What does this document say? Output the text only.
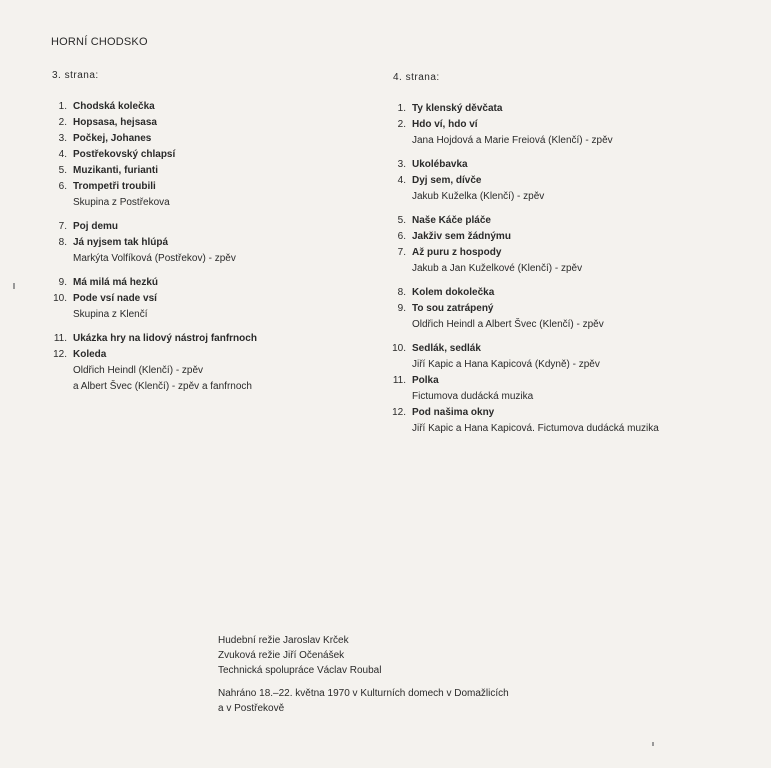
HORNÍ CHODSKO
3. strana:	4. strana:
1. Chodská kolečka
2. Hopsasa, hejsasa
3. Počkej, Johanes
4. Postřekovský chlapsí
5. Muzikanti, furianti
6. Trompetři troubili
Skupina z Postřekova
7. Poj demu
8. Já nyjsem tak hlúpá
Markýta Volfíková (Postřekov) - zpěv
9. Má milá má hezkú
10. Pode vsí nade vsí
Skupina z Klenčí
11. Ukázka hry na lidový nástroj fanfrnoch
12. Koleda
Oldřich Heindl (Klenčí) - zpěv
a Albert Švec (Klenčí) - zpěv a fanfrnoch
1. Ty klenský děvčata
2. Hdo ví, hdo ví
Jana Hojdová a Marie Freiová (Klenčí) - zpěv
3. Ukolébavka
4. Dyj sem, dívče
Jakub Kuželka (Klenčí) - zpěv
5. Naše Káče pláče
6. Jakživ sem žádnýmu
7. Až puru z hospody
Jakub a Jan Kuželkové (Klenčí) - zpěv
8. Kolem dokolečka
9. To sou zatrápený
Oldřich Heindl a Albert Švec (Klenčí) - zpěv
10. Sedlák, sedlák
Jiří Kapic a Hana Kapicová (Kdyně) - zpěv
11. Polka
Fictumova dudácká muzika
12. Pod našima okny
Jiří Kapic a Hana Kapicová. Fictumova dudácká muzika
Hudební režie Jaroslav Krček
Zvuková režie Jiří Očenášek
Technická spolupráce Václav Roubal
Nahráno 18.–22. května 1970 v Kulturních domech v Domažlicích
a v Postřekově
